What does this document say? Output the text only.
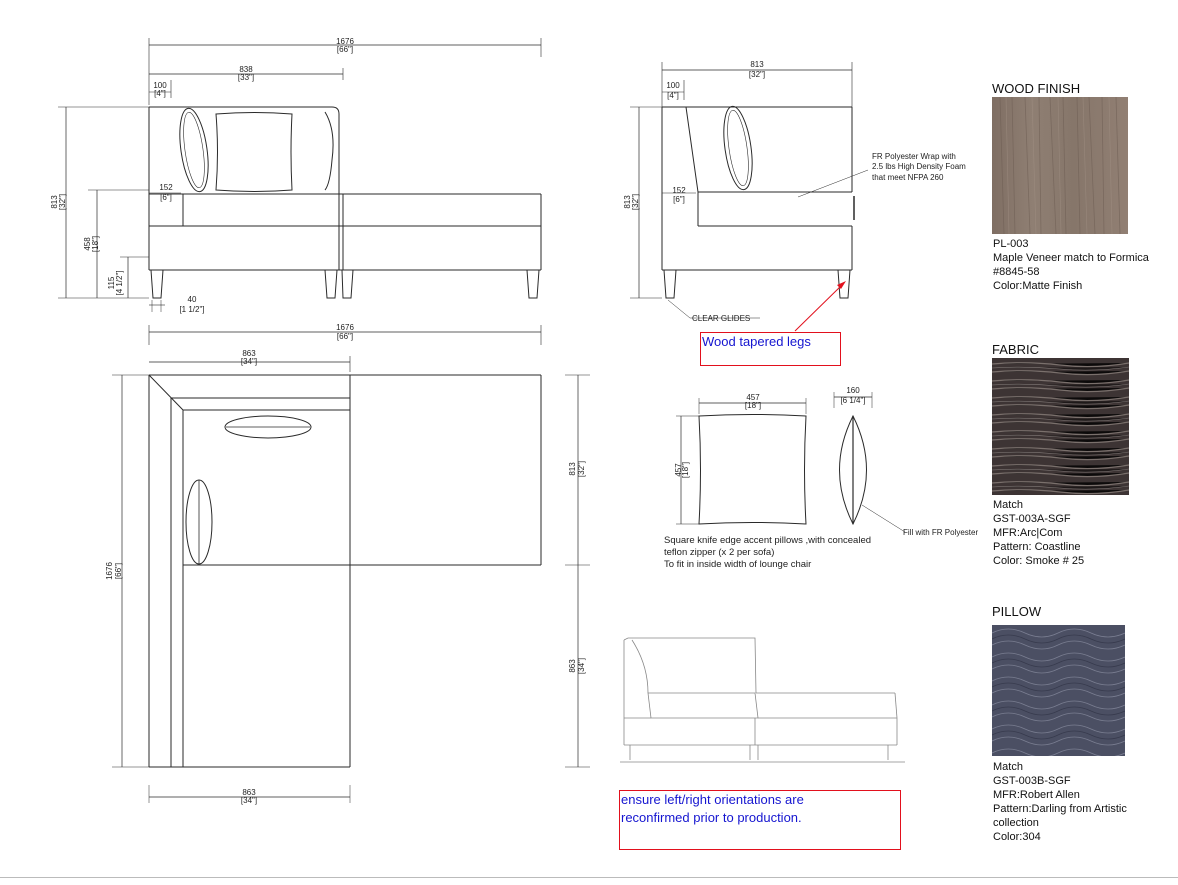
1676
[66"]
838
[33"]
100
[4"]
152
[6"]
40
[1 1/2"]
813 [32"]
458 [18"]
115 [4 1/2"]
1676
[66"]
863
[34"]
1676 [66"]
813 [32"]
863 [34"]
863
[34"]
813
[32"]
100
[4"]
813 [32"]
152
[6"]
457
[18"]
457
[18"]
160
[6 1/4"]
FR Polyester Wrap with
2.5 lbs High Density Foam
that meet NFPA 260
CLEAR GLIDES
Fill with FR Polyester
Square knife edge accent pillows ,with concealed
teflon zipper (x 2 per sofa)
To fit in inside width of lounge chair
Wood tapered legs
ensure left/right orientations are
reconfirmed prior to production.
WOOD FINISH
PL-003
Maple Veneer match to Formica
#8845-58
Color:Matte Finish
FABRIC
Match
GST-003A-SGF
MFR:Arc|Com
Pattern: Coastline
Color: Smoke # 25
PILLOW
Match
GST-003B-SGF
MFR:Robert Allen
Pattern:Darling from Artistic
collection
Color:304
